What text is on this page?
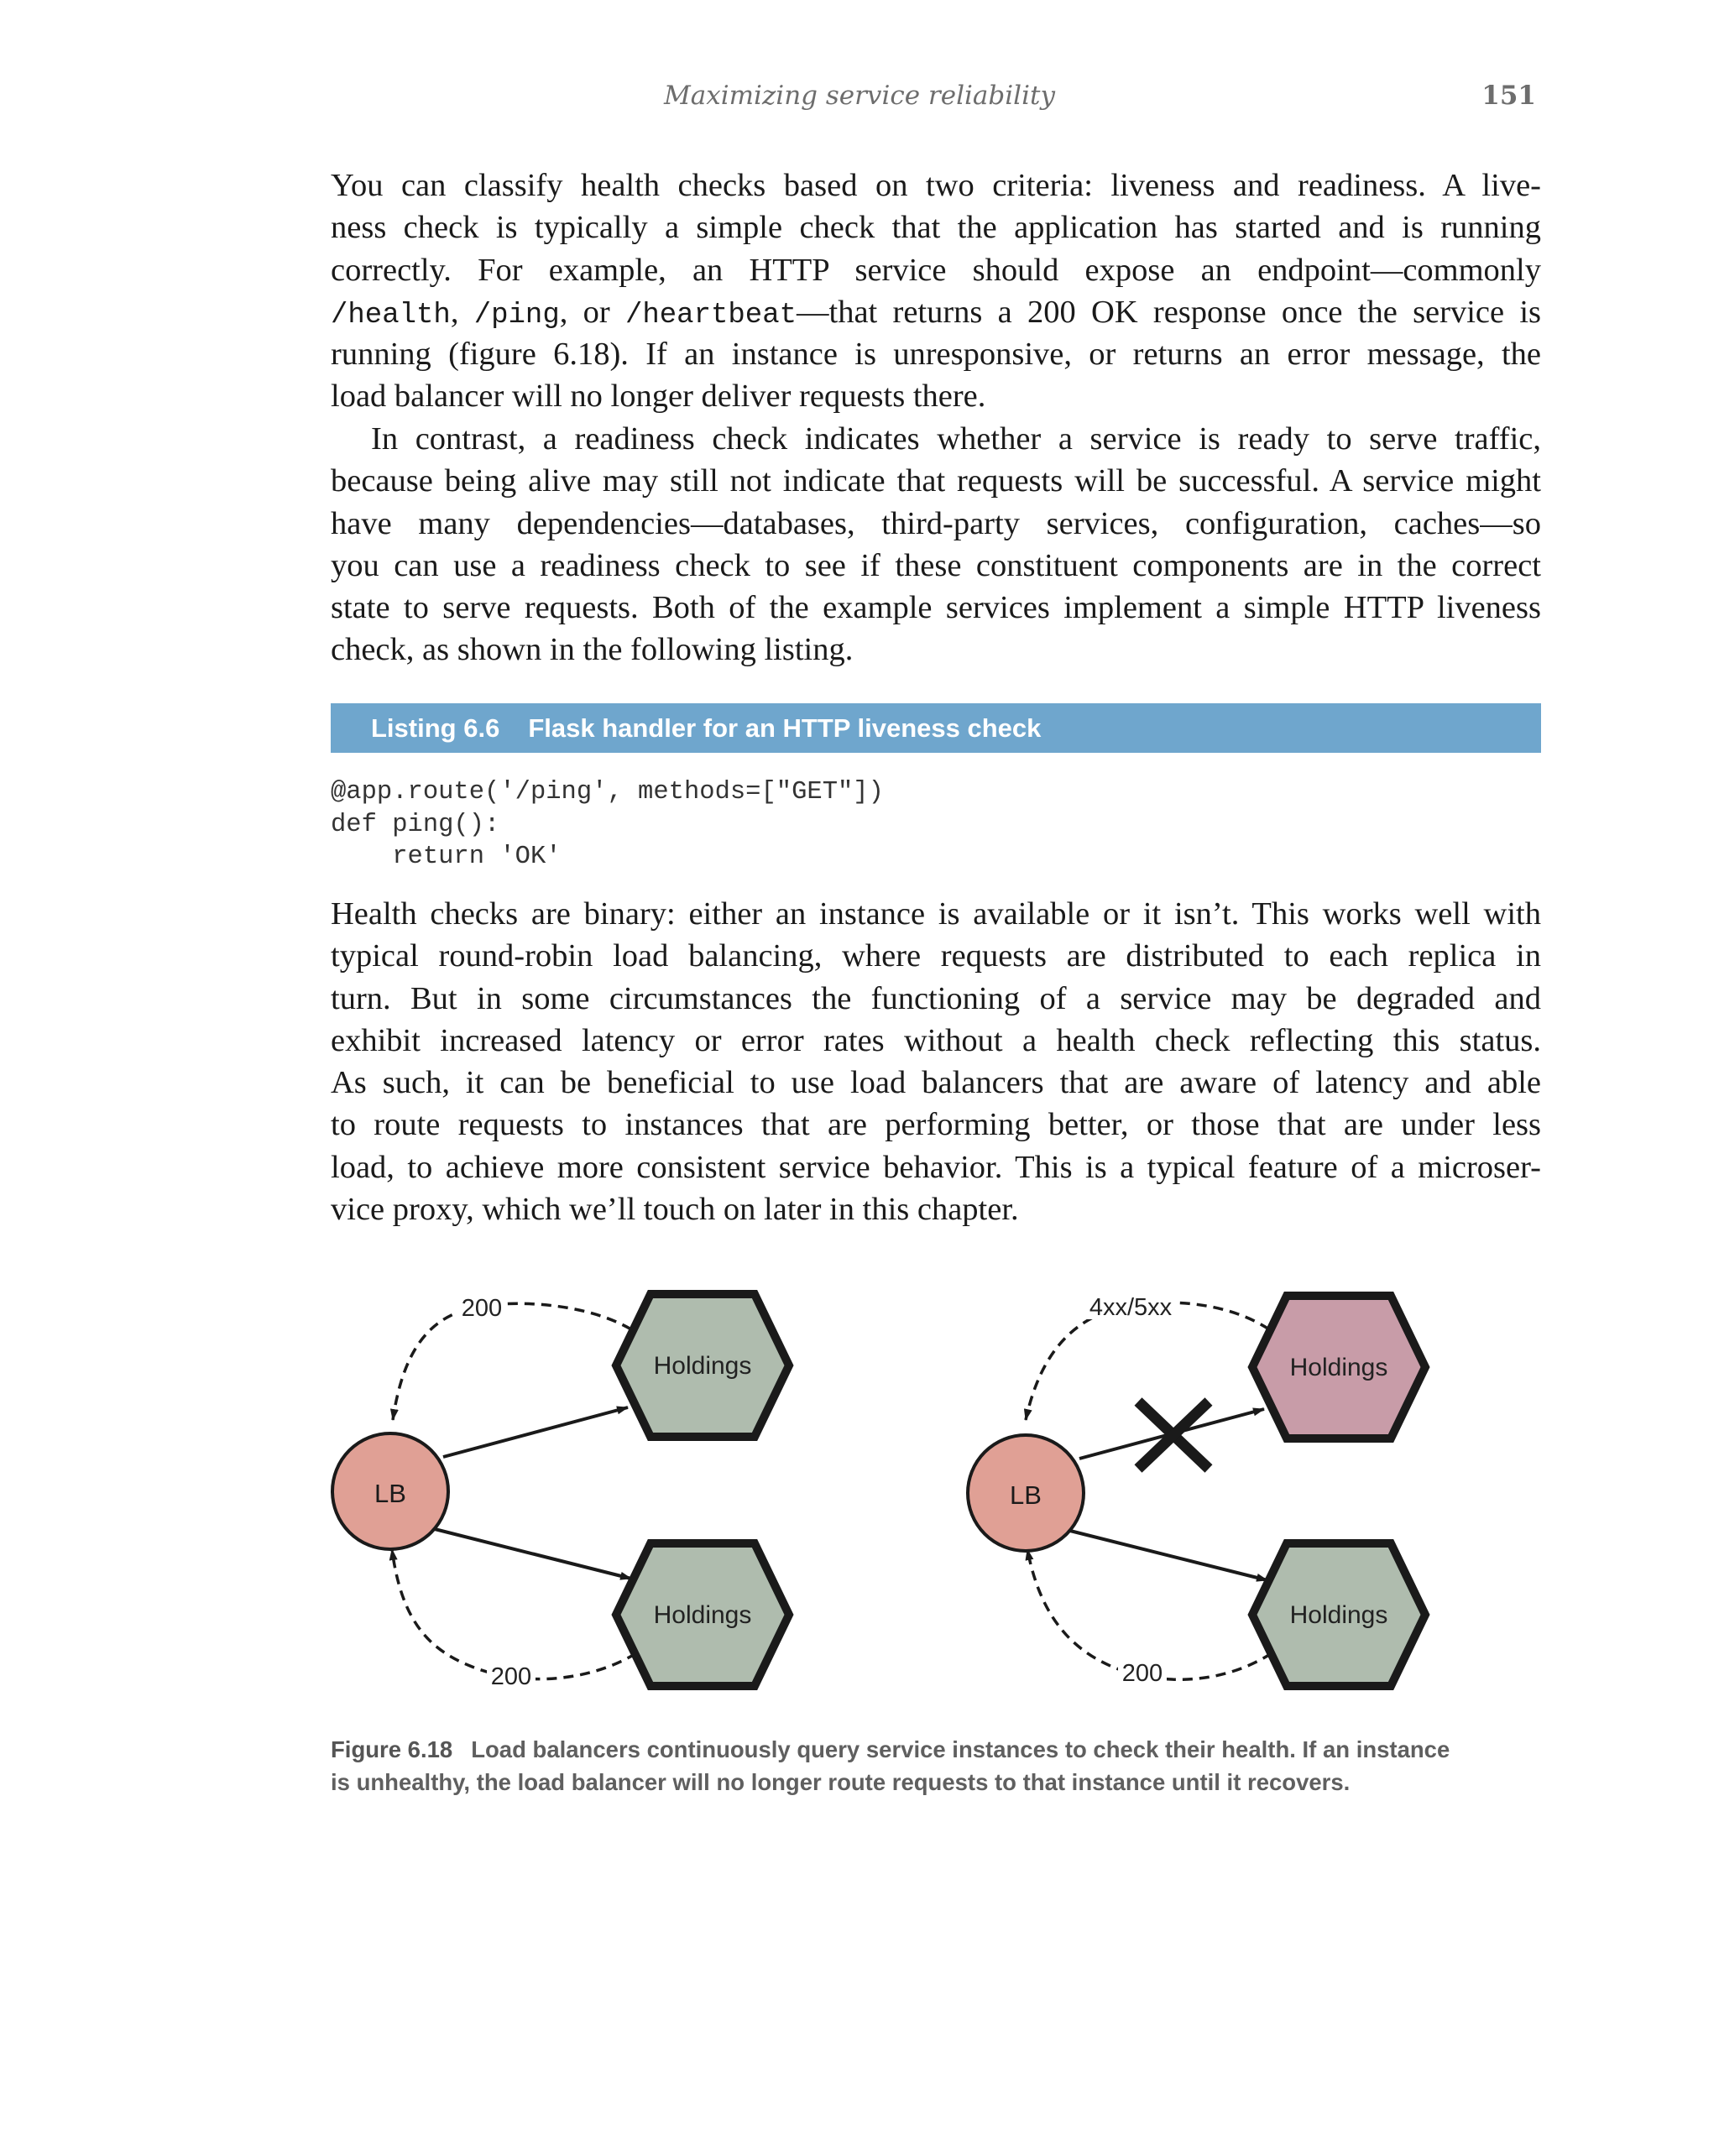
Maximizing service reliability	151
You can classify health checks based on two criteria: liveness and readiness. A live-
ness check is typically a simple check that the application has started and is running
correctly. For example, an HTTP service should expose an endpoint—commonly
/health, /ping, or /heartbeat—that returns a 200 OK response once the service is
running (figure 6.18). If an instance is unresponsive, or returns an error message, the
load balancer will no longer deliver requests there.
In contrast, a readiness check indicates whether a service is ready to serve traffic,
because being alive may still not indicate that requests will be successful. A service might
have many dependencies—databases, third-party services, configuration, caches—so
you can use a readiness check to see if these constituent components are in the correct
state to serve requests. Both of the example services implement a simple HTTP liveness
check, as shown in the following listing.
Listing 6.6 Flask handler for an HTTP liveness check
@app.route('/ping', methods=["GET"])
def ping():
return 'OK'
Health checks are binary: either an instance is available or it isn’t. This works well with
typical round-robin load balancing, where requests are distributed to each replica in
turn. But in some circumstances the functioning of a service may be degraded and
exhibit increased latency or error rates without a health check reflecting this status.
As such, it can be beneficial to use load balancers that are aware of latency and able
to route requests to instances that are performing better, or those that are under less
load, to achieve more consistent service behavior. This is a typical feature of a microser-
vice proxy, which we’ll touch on later in this chapter.
LB
Holdings
Holdings
200
200
LB
Holdings
Holdings
4xx/5xx
200
Figure 6.18 Load balancers continuously query service instances to check their health. If an instance
is unhealthy, the load balancer will no longer route requests to that instance until it recovers.
